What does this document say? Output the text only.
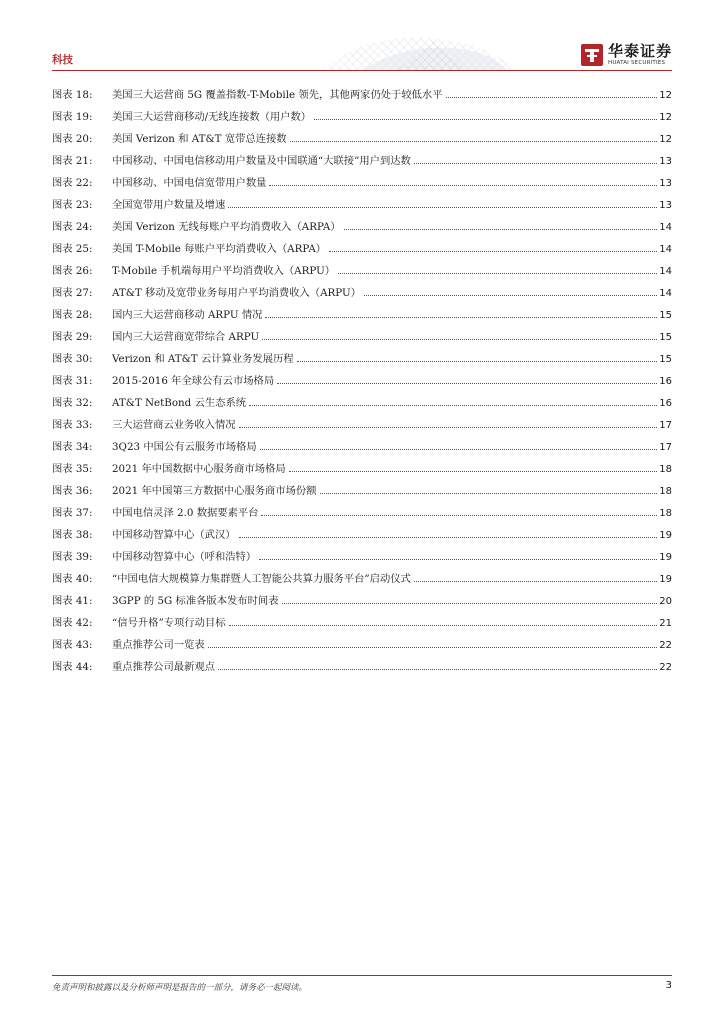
科技
华泰证券
HUATAI SECURITIES
图表 18:	美国三大运营商 5G 覆盖指数-T-Mobile 领先，其他两家仍处于较低水平	12
图表 19:	美国三大运营商移动/无线连接数（用户数）	12
图表 20:	美国 Verizon 和 AT&T 宽带总连接数	12
图表 21:	中国移动、中国电信移动用户数量及中国联通“大联接”用户到达数	13
图表 22:	中国移动、中国电信宽带用户数量	13
图表 23:	全国宽带用户数量及增速	13
图表 24:	美国 Verizon 无线每账户平均消费收入（ARPA）	14
图表 25:	美国 T-Mobile 每账户平均消费收入（ARPA）	14
图表 26:	T-Mobile 手机端每用户平均消费收入（ARPU）	14
图表 27:	AT&T 移动及宽带业务每用户平均消费收入（ARPU）	14
图表 28:	国内三大运营商移动 ARPU 情况	15
图表 29:	国内三大运营商宽带综合 ARPU	15
图表 30:	Verizon 和 AT&T 云计算业务发展历程	15
图表 31:	2015-2016 年全球公有云市场格局	16
图表 32:	AT&T NetBond 云生态系统	16
图表 33:	三大运营商云业务收入情况	17
图表 34:	3Q23 中国公有云服务市场格局	17
图表 35:	2021 年中国数据中心服务商市场格局	18
图表 36:	2021 年中国第三方数据中心服务商市场份额	18
图表 37:	中国电信灵泽 2.0 数据要素平台	18
图表 38:	中国移动智算中心（武汉）	19
图表 39:	中国移动智算中心（呼和浩特）	19
图表 40:	“中国电信大规模算力集群暨人工智能公共算力服务平台”启动仪式	19
图表 41:	3GPP 的 5G 标准各版本发布时间表	20
图表 42:	“信号升格”专项行动目标	21
图表 43:	重点推荐公司一览表	22
图表 44:	重点推荐公司最新观点	22
免责声明和披露以及分析师声明是报告的一部分，请务必一起阅读。	3
